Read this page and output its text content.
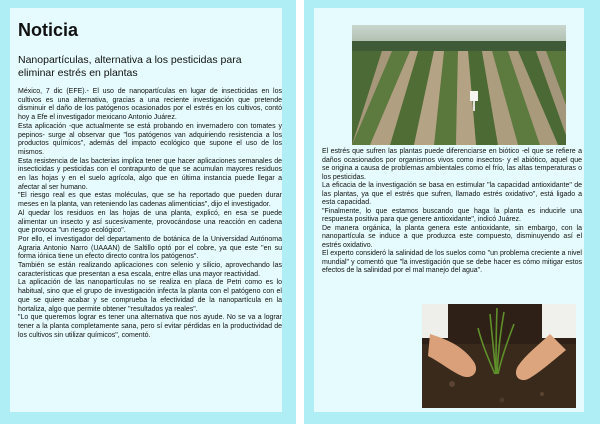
Noticia
Nanopartículas, alternativa a los pesticidas para eliminar estrés en plantas

México, 7 dic (EFE).- El uso de nanopartículas en lugar de insecticidas en los cultivos es una alternativa, gracias a una reciente investigación que pretende disminuir el daño de los patógenos ocasionados por el estrés en los cultivos, contó hoy a Efe el investigador mexicano Antonio Juárez.

Esta aplicación -que actualmente se está probando en invernadero con tomates y pepinos- surge al observar que "los patógenos van adquiriendo resistencia a los productos químicos", además del impacto ecológico que supone el uso de los mismos.

Esta resistencia de las bacterias implica tener que hacer aplicaciones semanales de insecticidas y pesticidas con el contrapunto de que se acumulan mayores residuos en las hojas y en el suelo agrícola, algo que en última instancia puede llegar a afectar al ser humano.

"El riesgo real es que estas moléculas, que se ha reportado que pueden durar meses en la planta, van reteniendo las cadenas alimenticias", dijo el investigador.

Al quedar los residuos en las hojas de una planta, explicó, en esa se puede alimentar un insecto y así sucesivamente, provocándose una reacción en cadena que provoca "un riesgo ecológico".

Por ello, el investigador del departamento de botánica de la Universidad Autónoma Agraria Antonio Narro (UAAAN) de Saltillo optó por el cobre, ya que este "en su forma iónica tiene un efecto directo contra los patógenos".

También se están realizando aplicaciones con selenio y silicio, aprovechando las características que presentan a esa escala, entre ellas una mayor reactividad.

La aplicación de las nanopartículas no se realiza en placa de Petri como es lo habitual, sino que el grupo de investigación infecta la planta con el patógeno con el que se quiere acabar y se comprueba la efectividad de la nanopartícula en la hortaliza, algo que permite obtener "resultados ya reales".

"Lo que queremos lograr es tener una alternativa que nos ayude. No se va a lograr tener a la planta completamente sana, pero sí evitar pérdidas en la productividad de los cultivos sin utilizar químicos", comentó.

El estrés que sufren las plantas puede diferenciarse en biótico -el que se refiere a daños ocasionados por organismos vivos como insectos- y el abiótico, aquel que se origina a causa de problemas ambientales como el frío, las altas temperaturas o los pesticidas.

La eficacia de la investigación se basa en estimular "la capacidad antioxidante" de las plantas, ya que el estrés que sufren, llamado estrés oxidativo", está ligado a esta capacidad.

"Finalmente, lo que estamos buscando que haga la planta es inducirle una respuesta positiva para que genere antioxidante", indicó Juárez.

De manera orgánica, la planta genera este antioxidante, sin embargo, con la nanopartícula se induce a que produzca este compuesto, disminuyendo así el estrés oxidativo.

El experto consideró la salinidad de los suelos como "un problema creciente a nivel mundial" y comentó que "la investigación que se debe hacer es cómo mitigar estos efectos de la salinidad por el mal manejo del agua".
